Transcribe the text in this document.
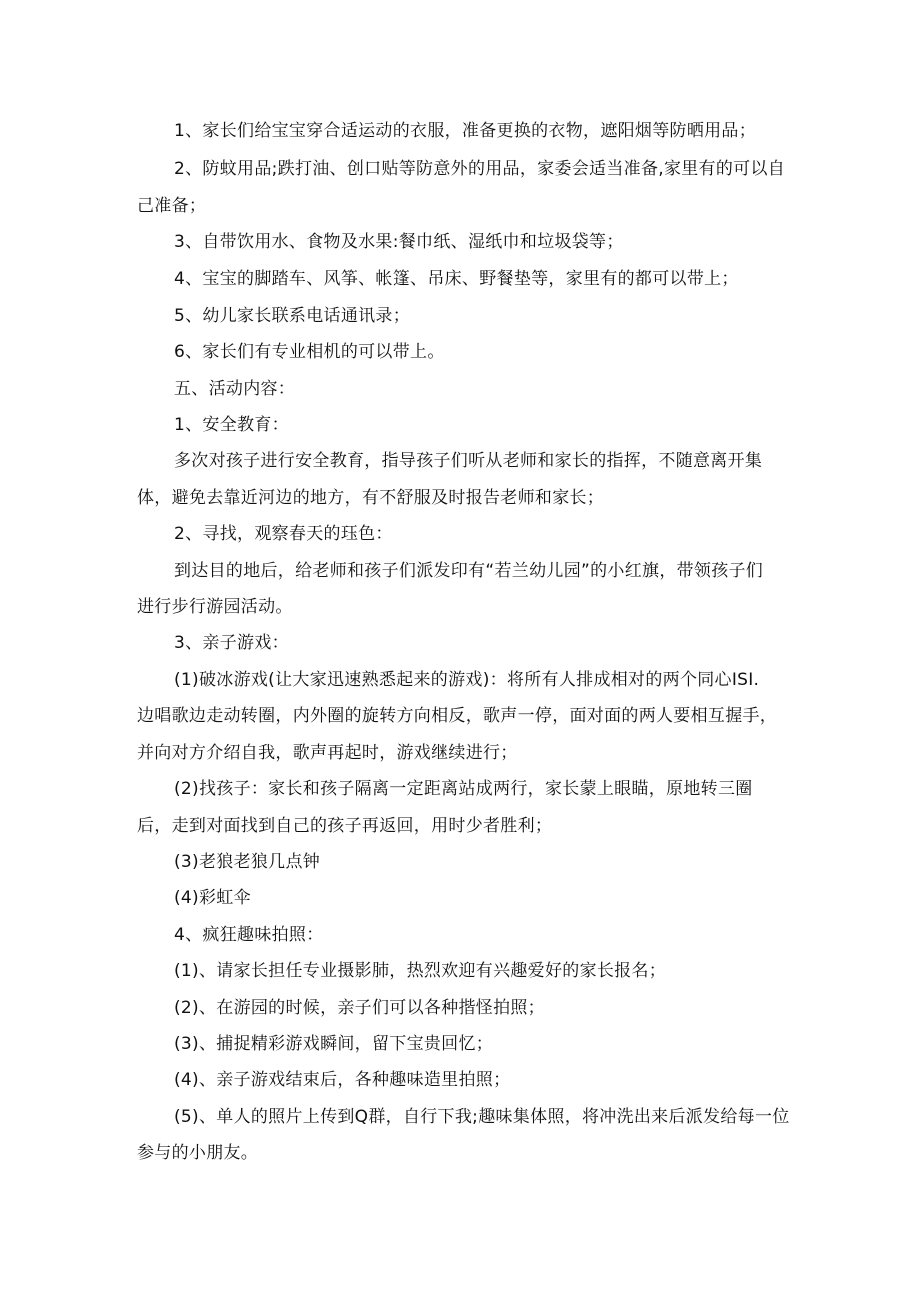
1、家长们给宝宝穿合适运动的衣服，准备更换的衣物，遮阳烟等防晒用品；
2、防蚊用品;跌打油、创口贴等防意外的用品，家委会适当准备,家里有的可以自
己准备；
3、自带饮用水、食物及水果:餐巾纸、湿纸巾和垃圾袋等；
4、宝宝的脚踏车、风筝、帐篷、吊床、野餐垫等，家里有的都可以带上；
5、幼儿家长联系电话通讯录；
6、家长们有专业相机的可以带上。
五、活动内容：
1、安全教育：
多次对孩子进行安全教育，指导孩子们听从老师和家长的指挥，不随意离开集
体，避免去靠近河边的地方，有不舒服及时报告老师和家长；
2、寻找，观察春天的珏色：
到达目的地后，给老师和孩子们派发印有“若兰幼儿园”的小红旗，带领孩子们
进行步行游园活动。
3、亲子游戏：
(1)破冰游戏(让大家迅速熟悉起来的游戏)：将所有人排成相对的两个同心ISI.
边唱歌边走动转圈，内外圈的旋转方向相反，歌声一停，面对面的两人要相互握手，
并向对方介绍自我，歌声再起时，游戏继续进行；
(2)找孩子：家长和孩子隔离一定距离站成两行，家长蒙上眼瞄，原地转三圈
后，走到对面找到自己的孩子再返回，用时少者胜利；
(3)老狼老狼几点钟
(4)彩虹伞
4、疯狂趣味拍照：
(1)、请家长担任专业摄影肺，热烈欢迎有兴趣爱好的家长报名；
(2)、在游园的时候，亲子们可以各种揩怪拍照；
(3)、捕捉精彩游戏瞬间，留下宝贵回忆；
(4)、亲子游戏结束后，各种趣味造里拍照；
(5)、单人的照片上传到Q群，自行下我;趣味集体照，将冲洗出来后派发给每一位
参与的小朋友。
